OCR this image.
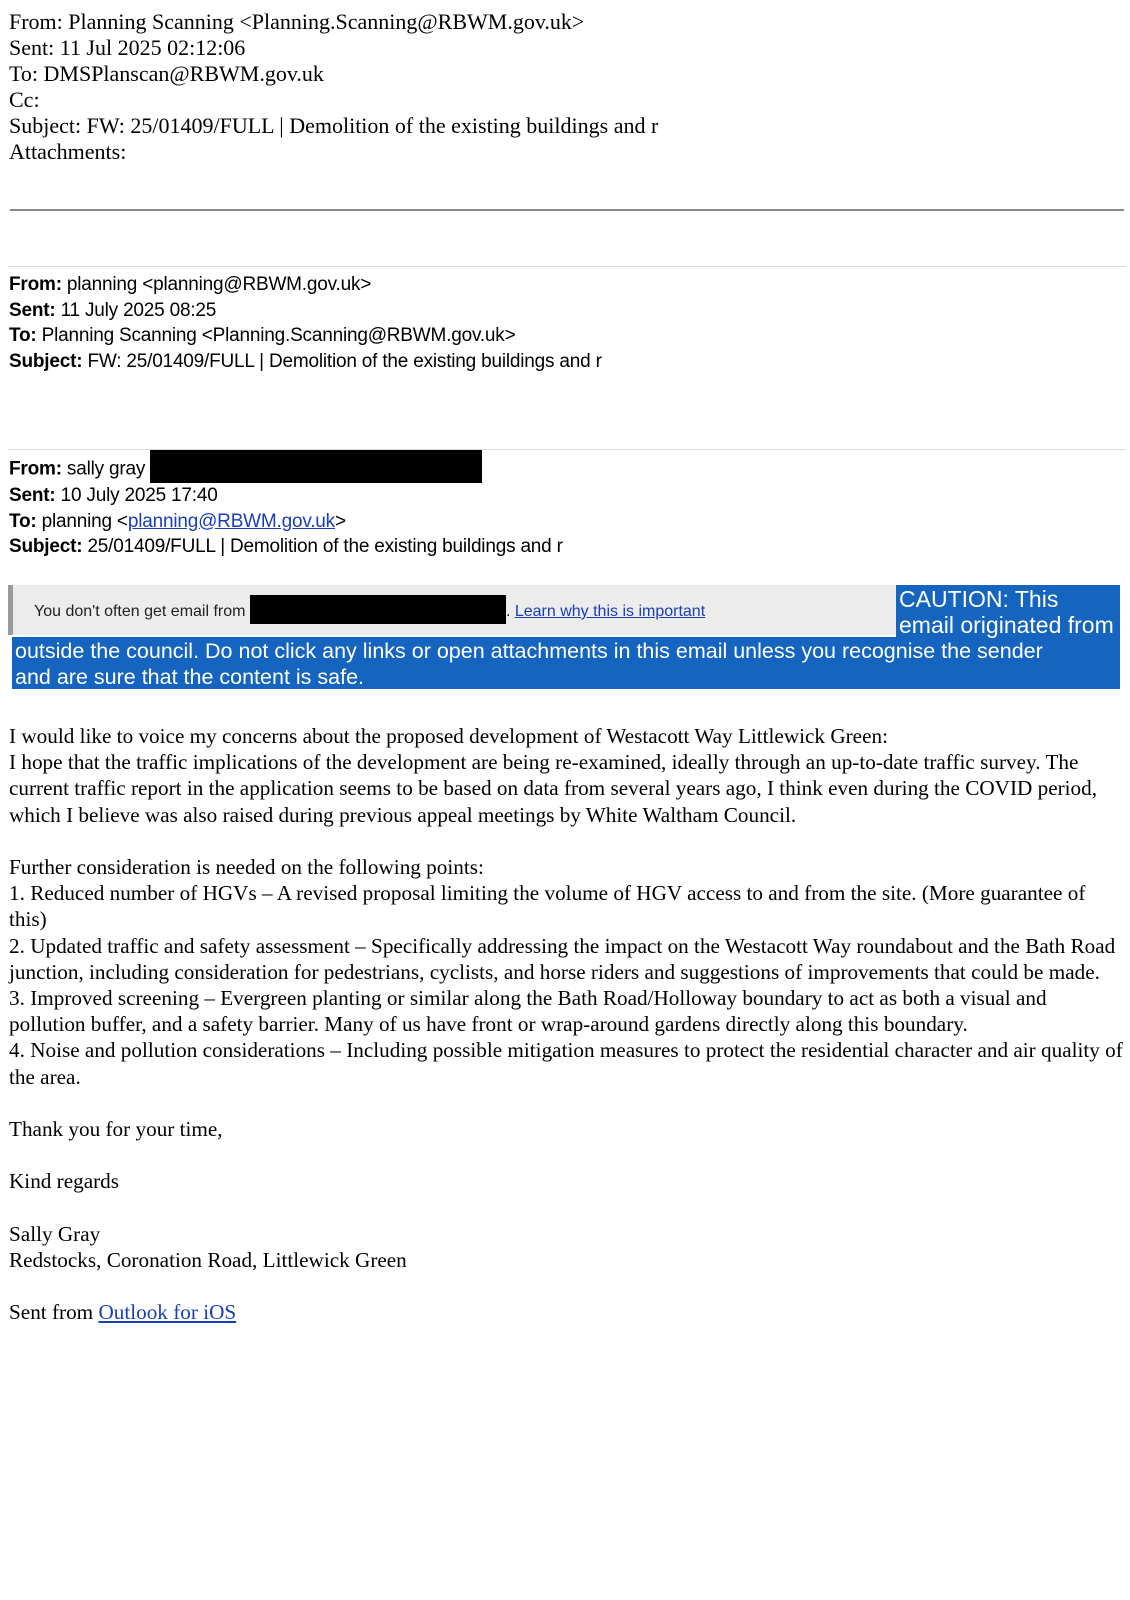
From: Planning Scanning <Planning.Scanning@RBWM.gov.uk>
Sent: 11 Jul 2025 02:12:06
To: DMSPlanscan@RBWM.gov.uk
Cc:
Subject: FW: 25/01409/FULL | Demolition of the existing buildings and r
Attachments:
From: planning <planning@RBWM.gov.uk>
Sent: 11 July 2025 08:25
To: Planning Scanning <Planning.Scanning@RBWM.gov.uk>
Subject: FW: 25/01409/FULL | Demolition of the existing buildings and r
From: sally gray
Sent: 10 July 2025 17:40
To: planning <planning@RBWM.gov.uk>
Subject: 25/01409/FULL | Demolition of the existing buildings and r
You don't often get email from	. Learn why this is important	CAUTION: This
email originated from
outside the council. Do not click any links or open attachments in this email unless you recognise the sender
and are sure that the content is safe.

I would like to voice my concerns about the proposed development of Westacott Way Littlewick Green:

I hope that the traffic implications of the development are being re-examined, ideally through an up-to-date traffic survey. The current traffic report in the application seems to be based on data from several years ago, I think even during the COVID period, which I believe was also raised during previous appeal meetings by White Waltham Council.

Further consideration is needed on the following points:

1. Reduced number of HGVs – A revised proposal limiting the volume of HGV access to and from the site. (More guarantee of this)

2. Updated traffic and safety assessment – Specifically addressing the impact on the Westacott Way roundabout and the Bath Road junction, including consideration for pedestrians, cyclists, and horse riders and suggestions of improvements that could be made.

3. Improved screening – Evergreen planting or similar along the Bath Road/Holloway boundary to act as both a visual and pollution buffer, and a safety barrier. Many of us have front or wrap-around gardens directly along this boundary.

4. Noise and pollution considerations – Including possible mitigation measures to protect the residential character and air quality of the area.

Thank you for your time,

Kind regards

Sally Gray

Redstocks, Coronation Road, Littlewick Green

Sent from Outlook for iOS
